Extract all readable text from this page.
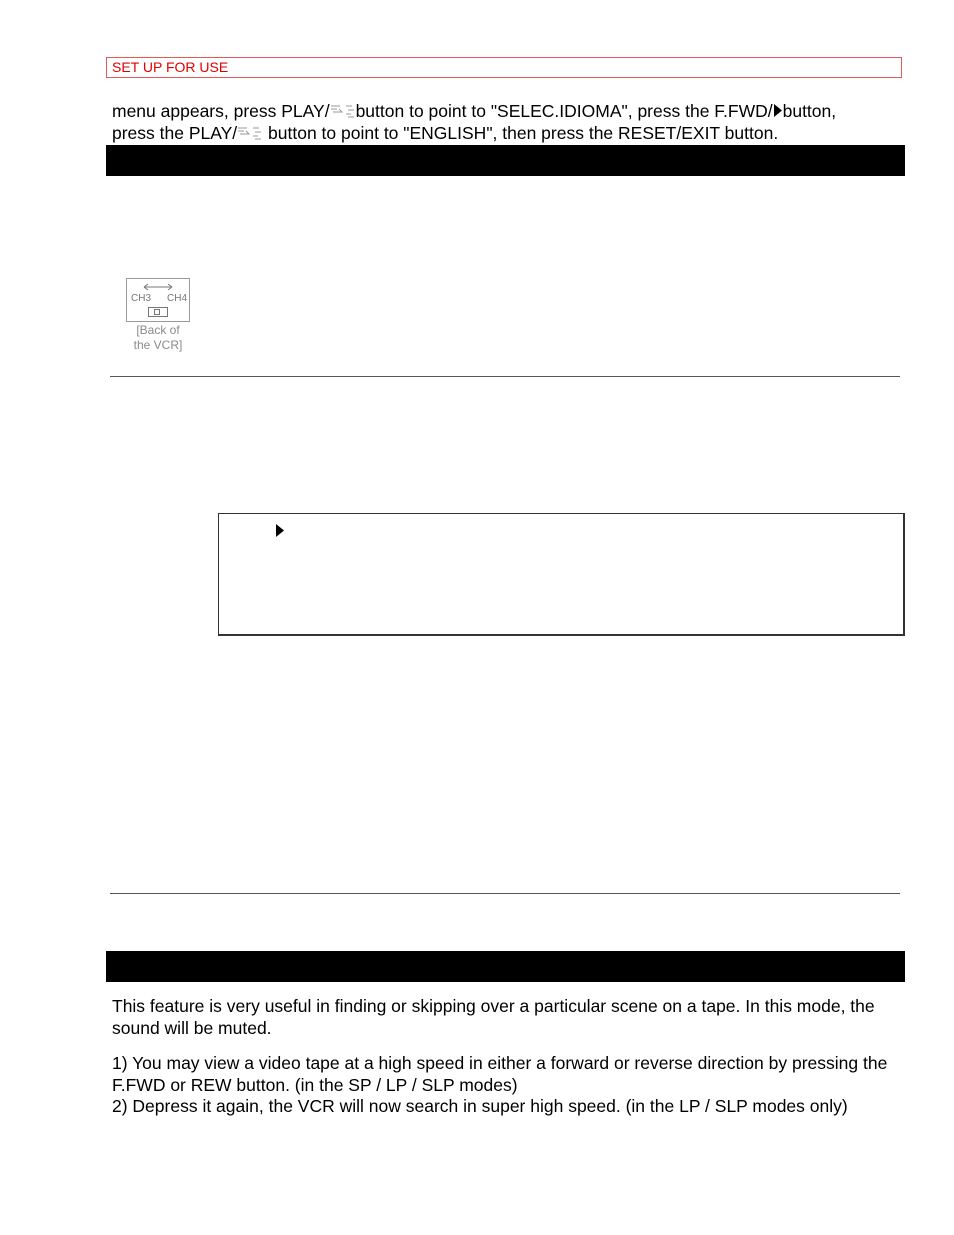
SET UP FOR USE
menu appears, press PLAY/ button to point to "SELEC.IDIOMA", press the F.FWD/ button,
press the PLAY/ button to point to "ENGLISH", then press the RESET/EXIT button.
CH3 CH4
[Back of
the VCR]
This feature is very useful in finding or skipping over a particular scene on a tape. In this mode, the sound will be muted.
1) You may view a video tape at a high speed in either a forward or reverse direction by pressing the F.FWD or REW button. (in the SP / LP / SLP modes)
2) Depress it again, the VCR will now search in super high speed. (in the LP / SLP modes only)
